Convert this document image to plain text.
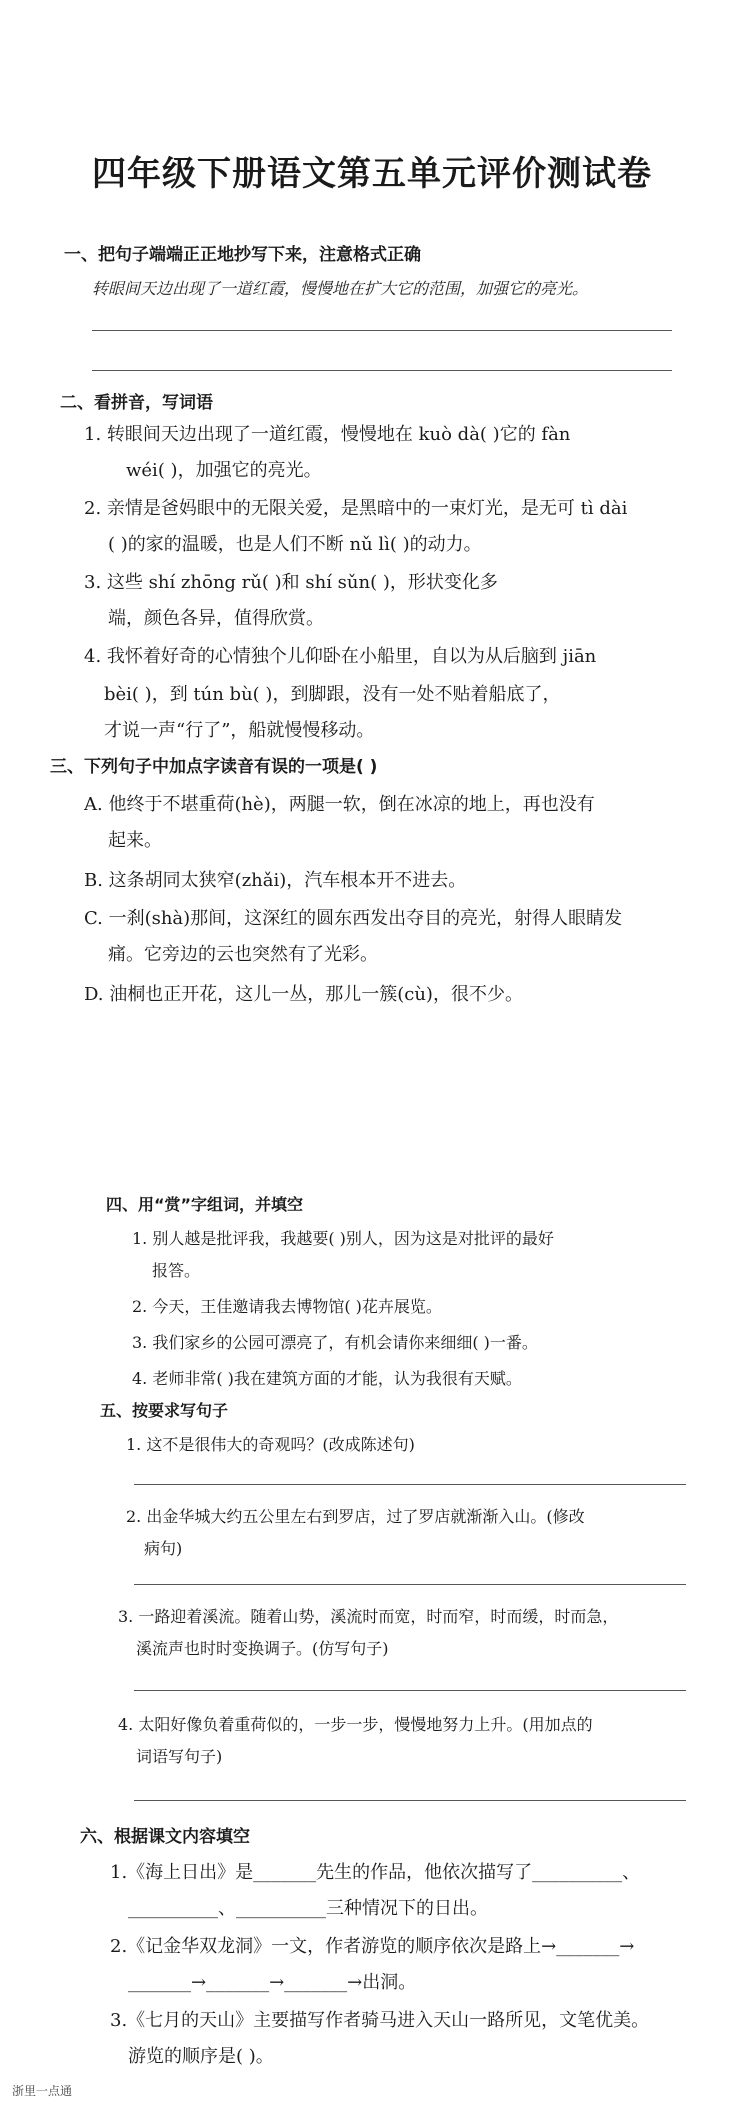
四年级下册语文第五单元评价测试卷
一、把句子端端正正地抄写下来，注意格式正确
转眼间天边出现了一道红霞，慢慢地在扩大它的范围，加强它的亮光。
二、看拼音，写词语
1. 转眼间天边出现了一道红霞，慢慢地在 kuò dà( )它的 fàn
wéi( )，加强它的亮光。
2. 亲情是爸妈眼中的无限关爱，是黑暗中的一束灯光，是无可 tì dài
( )的家的温暖，也是人们不断 nǔ lì( )的动力。
3. 这些 shí zhōng rǔ( )和 shí sǔn( )，形状变化多
端，颜色各异，值得欣赏。
4. 我怀着好奇的心情独个儿仰卧在小船里，自以为从后脑到 jiān
bèi( )，到 tún bù( )，到脚跟，没有一处不贴着船底了，
才说一声“行了”，船就慢慢移动。
三、下列句子中加点字读音有误的一项是( )
A. 他终于不堪重荷(hè)，两腿一软，倒在冰凉的地上，再也没有
起来。
B. 这条胡同太狭窄(zhǎi)，汽车根本开不进去。
C. 一刹(shà)那间，这深红的圆东西发出夺目的亮光，射得人眼睛发
痛。它旁边的云也突然有了光彩。
D. 油桐也正开花，这儿一丛，那儿一簇(cù)，很不少。
四、用“赏”字组词，并填空
1. 别人越是批评我，我越要( )别人，因为这是对批评的最好
报答。
2. 今天，王佳邀请我去博物馆( )花卉展览。
3. 我们家乡的公园可漂亮了，有机会请你来细细( )一番。
4. 老师非常( )我在建筑方面的才能，认为我很有天赋。
五、按要求写句子
1. 这不是很伟大的奇观吗？(改成陈述句)
2. 出金华城大约五公里左右到罗店，过了罗店就渐渐入山。(修改
病句)
3. 一路迎着溪流。随着山势，溪流时而宽，时而窄，时而缓，时而急，
溪流声也时时变换调子。(仿写句子)
4. 太阳好像负着重荷似的，一步一步，慢慢地努力上升。(用加点的
词语写句子)
六、根据课文内容填空
1.《海上日出》是_______先生的作品，他依次描写了__________、
__________、__________三种情况下的日出。
2.《记金华双龙洞》一文，作者游览的顺序依次是路上→_______→
_______→_______→_______→出洞。
3.《七月的天山》主要描写作者骑马进入天山一路所见，文笔优美。
游览的顺序是( )。
浙里一点通
